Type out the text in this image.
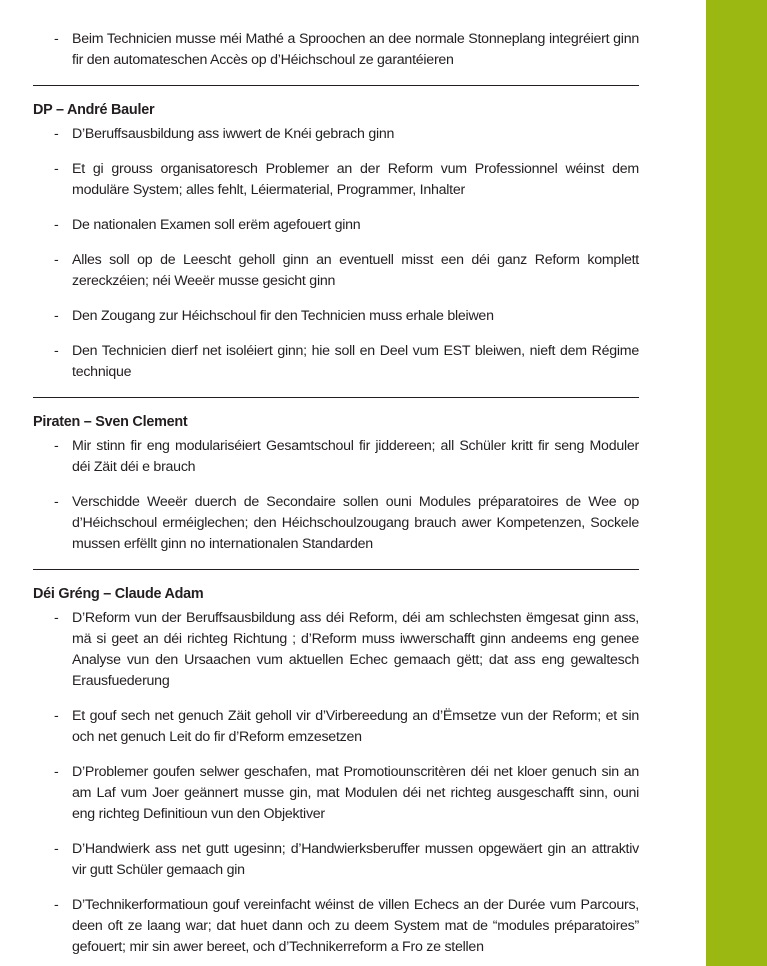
- Beim Technicien musse méi Mathé a Sproochen an dee normale Stonneplang integréiert ginn fir den automateschen Accès op d’Héichschoul ze garantéieren
DP – André Bauler
- D’Beruffsausbildung ass iwwert de Knéi gebrach ginn
- Et gi grouss organisatoresch Problemer an der Reform vum Professionnel wéinst dem moduläre System; alles fehlt, Léiermaterial, Programmer, Inhalter
- De nationalen Examen soll erëm agefouert ginn
- Alles soll op de Leescht geholl ginn an eventuell misst een déi ganz Reform komplett zereckzéien; néi Weeër musse gesicht ginn
- Den Zougang zur Héichschoul fir den Technicien muss erhale bleiwen
- Den Technicien dierf net isoléiert ginn; hie soll en Deel vum EST bleiwen, nieft dem Régime technique
Piraten – Sven Clement
- Mir stinn fir eng modulariséiert Gesamtschoul fir jiddereen; all Schüler kritt fir seng Moduler déi Zäit déi e brauch
- Verschidde Weeër duerch de Secondaire sollen ouni Modules préparatoires de Wee op d’Héichschoul erméiglechen; den Héichschoulzougang brauch awer Kompetenzen, Sockele mussen erfëllt ginn no internationalen Standarden
Déi Gréng – Claude Adam
- D’Reform vun der Beruffsausbildung ass déi Reform, déi am schlechsten ëmgesat ginn ass, mä si geet an déi richteg Richtung ; d’Reform muss iwwerschafft ginn andeems eng genee Analyse vun den Ursaachen vum aktuellen Echec gemaach gëtt; dat ass eng gewaltesch Erausfuederung
- Et gouf sech net genuch Zäit geholl vir d’Virbereedung an d’Ëmsetze vun der Reform; et sin och net genuch Leit do fir d’Reform emzesetzen
- D’Problemer goufen selwer geschafen, mat Promotiounscritèren déi net kloer genuch sin an am Laf vum Joer geännert musse gin, mat Modulen déi net richteg ausgeschafft sinn, ouni eng richteg Definitioun vun den Objektiver
- D’Handwierk ass net gutt ugesinn; d’Handwierksberuffer mussen opgewäert gin an attraktiv vir gutt Schüler gemaach gin
- D’Technikerformatioun gouf vereinfacht wéinst de villen Echecs an der Durée vum Parcours, deen oft ze laang war; dat huet dann och zu deem System mat de “modules préparatoires” gefouert; mir sin awer bereet, och d’Technikerreform a Fro ze stellen
